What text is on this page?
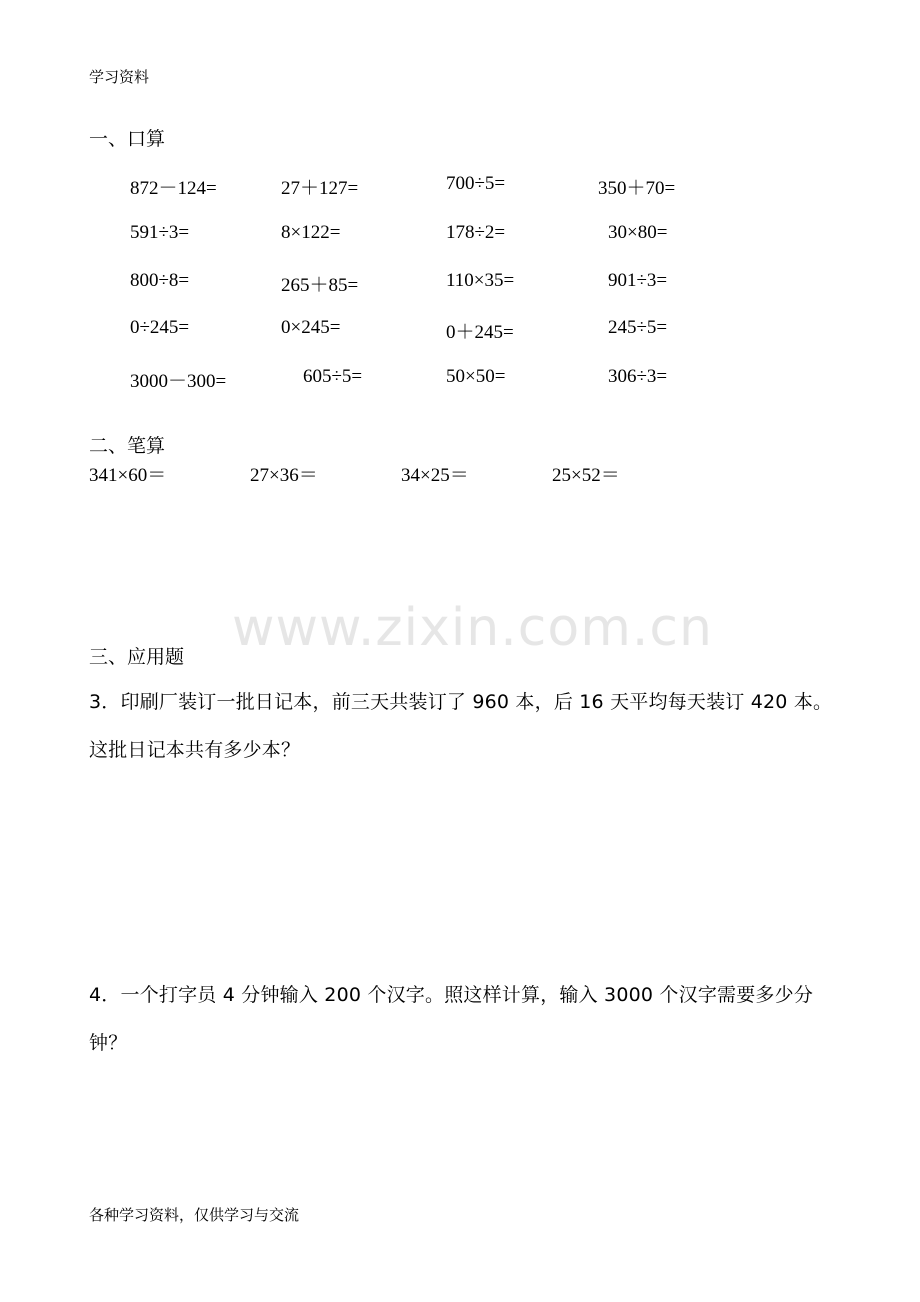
学习资料
一、口算
872－124=	27＋127=	700÷5=	350＋70=
591÷3=	8×122=	178÷2=	30×80=
800÷8=	265＋85=	110×35=	901÷3=
0÷245=	0×245=	0＋245=	245÷5=
3000－300=	605÷5=	50×50=	306÷3=
二、笔算
341×60＝	27×36＝	34×25＝	25×52＝
www.zixin.com.cn
三、应用题
3．印刷厂装订一批日记本，前三天共装订了 960 本，后 16 天平均每天装订 420 本。这批日记本共有多少本？
4．一个打字员 4 分钟输入 200 个汉字。照这样计算，输入 3000 个汉字需要多少分钟？
各种学习资料，仅供学习与交流
